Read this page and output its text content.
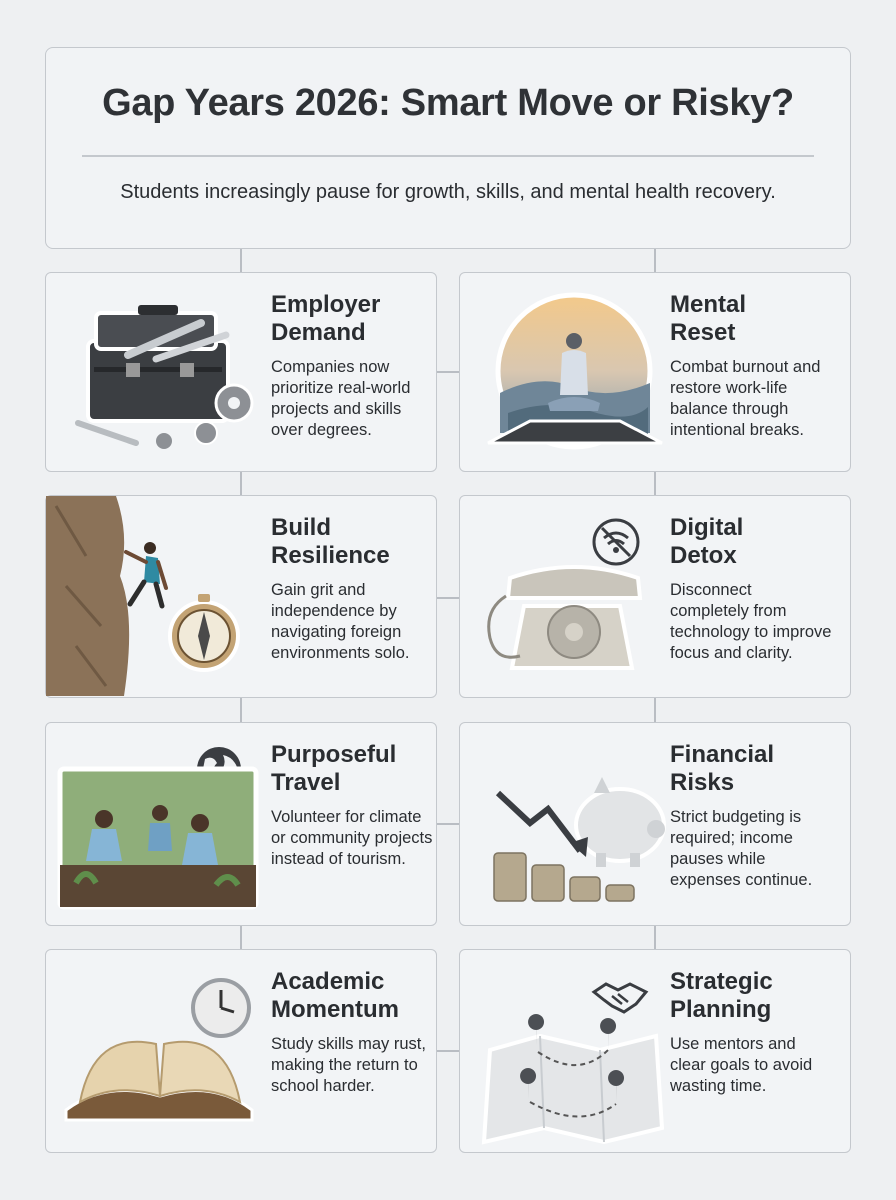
Gap Years 2026: Smart Move or Risky?
Students increasingly pause for growth, skills, and mental health recovery.
Employer
Demand
Companies now prioritize real-world projects and skills over degrees.
Mental
Reset
Combat burnout and restore work-life balance through intentional breaks.
Build
Resilience
Gain grit and independence by navigating foreign environments solo.
Digital
Detox
Disconnect completely from technology to improve focus and clarity.
Purposeful
Travel
Volunteer for climate or community projects instead of tourism.
Financial
Risks
Strict budgeting is required; income pauses while expenses continue.
Academic
Momentum
Study skills may rust, making the return to school harder.
Strategic
Planning
Use mentors and clear goals to avoid wasting time.
